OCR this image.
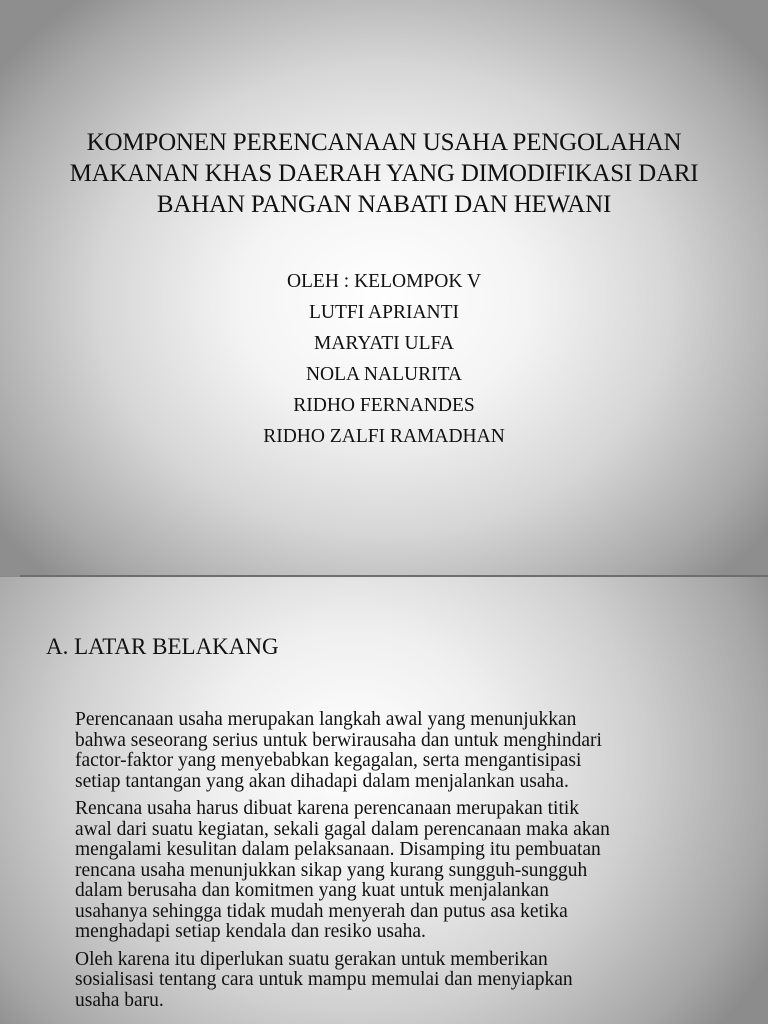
KOMPONEN PERENCANAAN USAHA PENGOLAHAN
MAKANAN KHAS DAERAH YANG DIMODIFIKASI DARI
BAHAN PANGAN NABATI DAN HEWANI
OLEH : KELOMPOK V
LUTFI APRIANTI
MARYATI ULFA
NOLA NALURITA
RIDHO FERNANDES
RIDHO ZALFI RAMADHAN
A. LATAR BELAKANG
Perencanaan usaha merupakan langkah awal yang menunjukkan
bahwa seseorang serius untuk berwirausaha dan untuk menghindari
factor-faktor yang menyebabkan kegagalan, serta mengantisipasi
setiap tantangan yang akan dihadapi dalam menjalankan usaha.
Rencana usaha harus dibuat karena perencanaan merupakan titik
awal dari suatu kegiatan, sekali gagal dalam perencanaan maka akan
mengalami kesulitan dalam pelaksanaan. Disamping itu pembuatan
rencana usaha menunjukkan sikap yang kurang sungguh-sungguh
dalam berusaha dan komitmen yang kuat untuk menjalankan
usahanya sehingga tidak mudah menyerah dan putus asa ketika
menghadapi setiap kendala dan resiko usaha.
Oleh karena itu diperlukan suatu gerakan untuk memberikan
sosialisasi tentang cara untuk mampu memulai dan menyiapkan
usaha baru.
